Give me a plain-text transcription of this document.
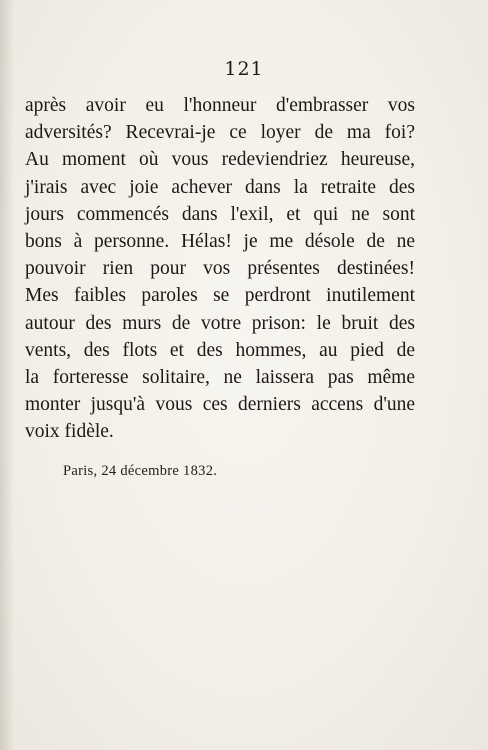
121
après avoir eu l'honneur d'embrasser vos
adversités? Recevrai-je ce loyer de ma foi?
Au moment où vous redeviendriez heureuse,
j'irais avec joie achever dans la retraite des
jours commencés dans l'exil, et qui ne sont
bons à personne. Hélas! je me désole de ne
pouvoir rien pour vos présentes destinées!
Mes faibles paroles se perdront inutilement
autour des murs de votre prison: le bruit des
vents, des flots et des hommes, au pied de
la forteresse solitaire, ne laissera pas même
monter jusqu'à vous ces derniers accens d'une
voix fidèle.
Paris, 24 décembre 1832.
